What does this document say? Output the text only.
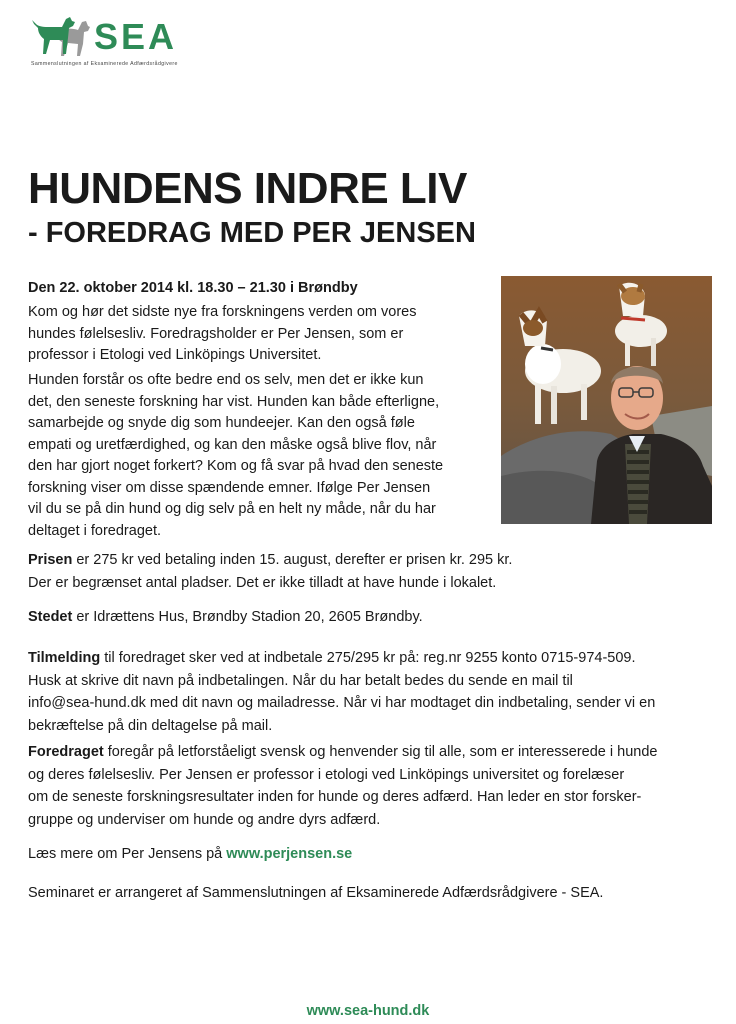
SEA
Sammenslutningen af Eksaminerede Adfærdsrådgivere
HUNDENS INDRE LIV
- FOREDRAG MED PER JENSEN
Den 22. oktober 2014 kl. 18.30 – 21.30 i Brøndby

Kom og hør det sidste nye fra forskningens verden om vores
hundes følelsesliv. Foredragsholder er Per Jensen, som er
professor i Etologi ved Linköpings Universitet.

Hunden forstår os ofte bedre end os selv, men det er ikke kun
det, den seneste forskning har vist. Hunden kan både efterligne,
samarbejde og snyde dig som hundeejer. Kan den også føle
empati og uretfærdighed, og kan den måske også blive flov, når
den har gjort noget forkert? Kom og få svar på hvad den seneste
forskning viser om disse spændende emner. Ifølge Per Jensen
vil du se på din hund og dig selv på en helt ny måde, når du har
deltaget i foredraget.

Prisen er 275 kr ved betaling inden 15. august, derefter er prisen kr. 295 kr.
Der er begrænset antal pladser. Det er ikke tilladt at have hunde i lokalet.

Stedet er Idrættens Hus, Brøndby Stadion 20, 2605 Brøndby.

Tilmelding til foredraget sker ved at indbetale 275/295 kr på: reg.nr 9255 konto 0715-974-509.
Husk at skrive dit navn på indbetalingen. Når du har betalt bedes du sende en mail til
info@sea-hund.dk med dit navn og mailadresse. Når vi har modtaget din indbetaling, sender vi en
bekræftelse på din deltagelse på mail.

Foredraget foregår på letforståeligt svensk og henvender sig til alle, som er interesserede i hunde
og deres følelsesliv. Per Jensen er professor i etologi ved Linköpings universitet og forelæser
om de seneste forskningsresultater inden for hunde og deres adfærd. Han leder en stor forsker-
gruppe og underviser om hunde og andre dyrs adfærd.

Læs mere om Per Jensens på www.perjensen.se

Seminaret er arrangeret af Sammenslutningen af Eksaminerede Adfærdsrådgivere - SEA.

www.sea-hund.dk
